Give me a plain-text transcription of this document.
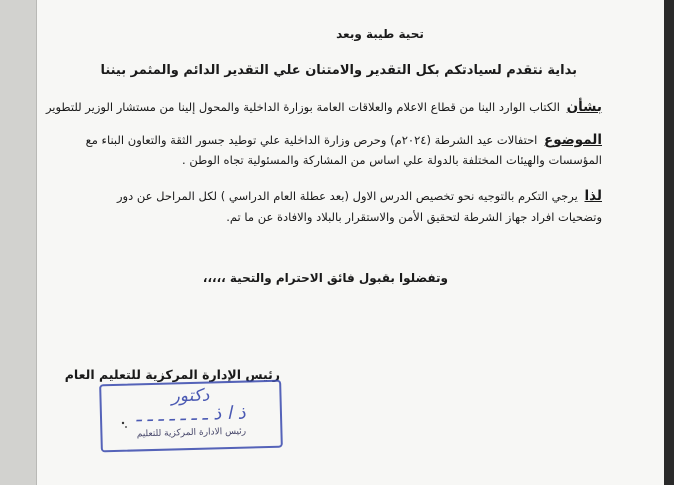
تحية طيبة وبعد
بداية نتقدم لسيادتكم بكل التقدير والامتنان علي التقدير الدائم والمثمر بيننا
بشأن الكتاب الوارد الينا من قطاع الاعلام والعلاقات العامة بوزارة الداخلية والمحول إلينا من مستشار الوزير للتطوير
الموضوع احتفالات عيد الشرطة (٢٠٢٤م) وحرص وزارة الداخلية علي توطيد جسور الثقة والتعاون البناء مع
المؤسسات والهيئات المختلفة بالدولة علي اساس من المشاركة والمسئولية تجاه الوطن .
لذا يرجي التكرم بالتوجيه نحو تخصيص الدرس الاول (بعد عطلة العام الدراسي ) لكل المراحل عن دور
وتضحيات افراد جهاز الشرطة لتحقيق الأمن والاستقرار بالبلاد والافادة عن ما تم.
وتفضلوا بقبول فائق الاحترام والتحية ،،،،،
رئيس الإدارة المركزية للتعليم العام
دكتور
ذ ا ذ ـ ـ ـ ـ ـ ـ ـ
رئيس الادارة المركزية للتعليم
